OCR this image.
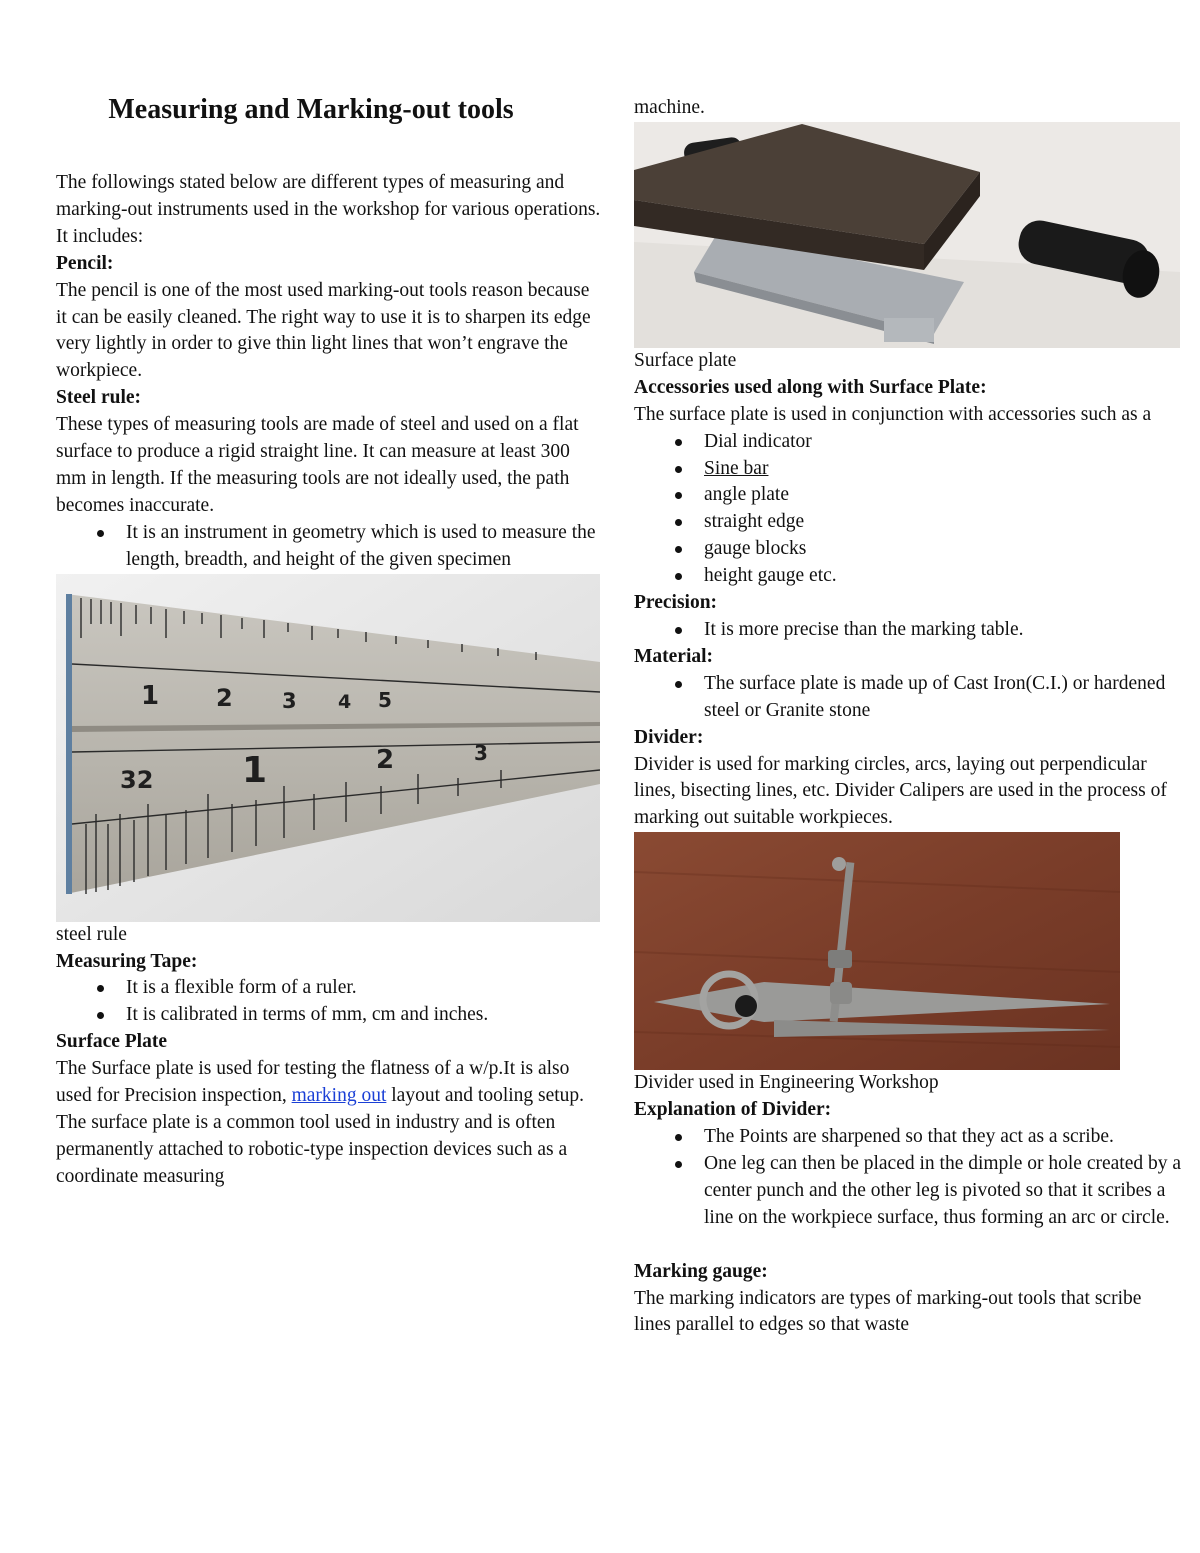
Measuring and Marking-out tools

The followings stated below are different types of measuring and marking-out instruments used in the workshop for various operations. It includes:

Pencil:

The pencil is one of the most used marking-out tools reason because it can be easily cleaned. The right way to use it is to sharpen its edge very lightly in order to give thin light lines that won’t engrave the workpiece.

Steel rule:

These types of measuring tools are made of steel and used on a flat surface to produce a rigid straight line. It can measure at least 300 mm in length. If the measuring tools are not ideally used, the path becomes inaccurate.

It is an instrument in geometry which is used to measure the length, breadth, and height of the given specimen
1 2 3 4 5
32 1	2	3

steel rule

Measuring Tape:

It is a flexible form of a ruler.
It is calibrated in terms of mm, cm and inches.

Surface Plate

The Surface plate is used for testing the flatness of a w/p.It is also used for Precision inspection, marking out layout and tooling setup.

The surface plate is a common tool used in industry and is often permanently attached to robotic-type inspection devices such as a coordinate measuring

machine.

Surface plate

Accessories used along with Surface Plate:

The surface plate is used in conjunction with accessories such as a

Dial indicator
Sine bar
angle plate
straight edge
gauge blocks
height gauge etc.

Precision:

It is more precise than the marking table.

Material:

The surface plate is made up of Cast Iron(C.I.) or hardened steel or Granite stone

Divider:

Divider is used for marking circles, arcs, laying out perpendicular lines, bisecting lines, etc. Divider Calipers are used in the process of marking out suitable workpieces.

Divider used in Engineering Workshop

Explanation of Divider:

The Points are sharpened so that they act as a scribe.
One leg can then be placed in the dimple or hole created by a center punch and the other leg is pivoted so that it scribes a line on the workpiece surface, thus forming an arc or circle.

Marking gauge:

The marking indicators are types of marking-out tools that scribe lines parallel to edges so that waste
